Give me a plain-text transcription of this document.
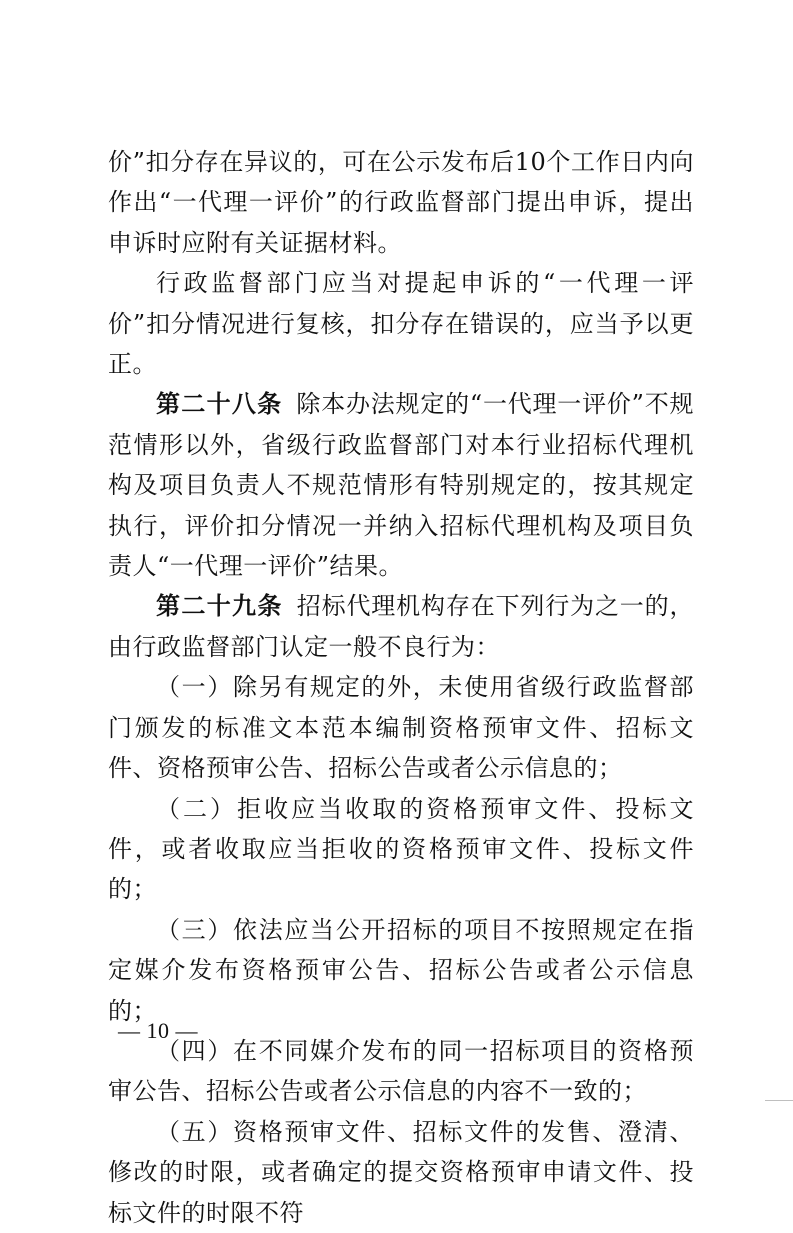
价”扣分存在异议的，可在公示发布后10个工作日内向作出“一代理一评价”的行政监督部门提出申诉，提出申诉时应附有关证据材料。

行政监督部门应当对提起申诉的“一代理一评价”扣分情况进行复核，扣分存在错误的，应当予以更正。

第二十八条 除本办法规定的“一代理一评价”不规范情形以外，省级行政监督部门对本行业招标代理机构及项目负责人不规范情形有特别规定的，按其规定执行，评价扣分情况一并纳入招标代理机构及项目负责人“一代理一评价”结果。

第二十九条 招标代理机构存在下列行为之一的，由行政监督部门认定一般不良行为：

（一）除另有规定的外，未使用省级行政监督部门颁发的标准文本范本编制资格预审文件、招标文件、资格预审公告、招标公告或者公示信息的；

（二）拒收应当收取的资格预审文件、投标文件，或者收取应当拒收的资格预审文件、投标文件的；

（三）依法应当公开招标的项目不按照规定在指定媒介发布资格预审公告、招标公告或者公示信息的；

（四）在不同媒介发布的同一招标项目的资格预审公告、招标公告或者公示信息的内容不一致的；

（五）资格预审文件、招标文件的发售、澄清、修改的时限，或者确定的提交资格预审申请文件、投标文件的时限不符

— 10 —
